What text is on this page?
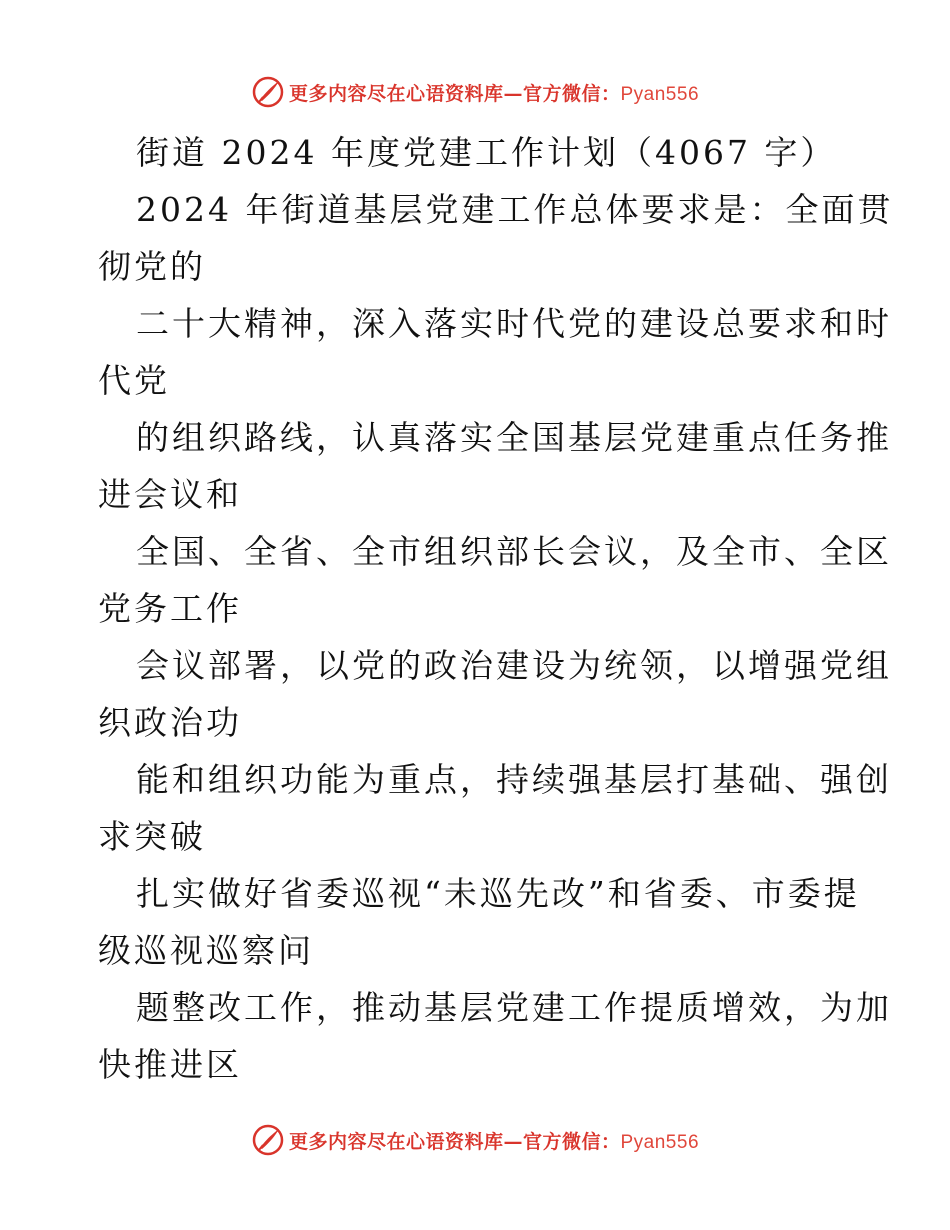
更多内容尽在心语资料库—官方微信：Pyan556
街道 2024 年度党建工作计划（4067 字）
2024 年街道基层党建工作总体要求是：全面贯
彻党的
二十大精神，深入落实时代党的建设总要求和时
代党
的组织路线，认真落实全国基层党建重点任务推
进会议和
全国、全省、全市组织部长会议，及全市、全区
党务工作
会议部署，以党的政治建设为统领，以增强党组
织政治功
能和组织功能为重点，持续强基层打基础、强创
求突破
扎实做好省委巡视“未巡先改”和省委、市委提
级巡视巡察问
题整改工作，推动基层党建工作提质增效，为加
快推进区
更多内容尽在心语资料库—官方微信：Pyan556
